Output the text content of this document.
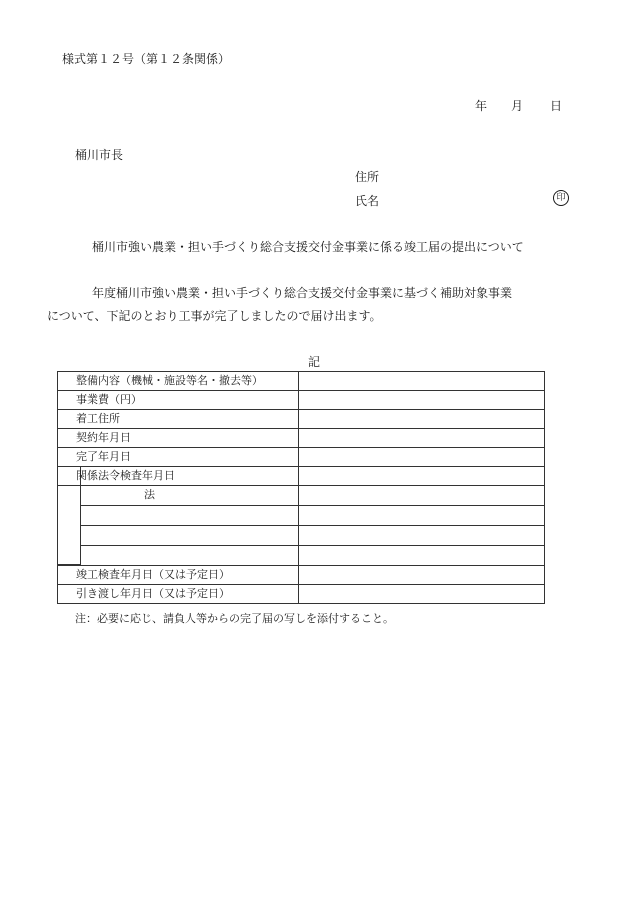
様式第１２号（第１２条関係）
年 月 日
桶川市長
住所
氏名	印
桶川市強い農業・担い手づくり総合支援交付金事業に係る竣工届の提出について
年度桶川市強い農業・担い手づくり総合支援交付金事業に基づく補助対象事業
について、下記のとおり工事が完了しましたので届け出ます。
記
整備内容（機械・施設等名・撤去等）
事業費（円）
着工住所
契約年月日
完了年月日
関係法令検査年月日
法
竣工検査年月日（又は予定日）
引き渡し年月日（又は予定日）
注：必要に応じ、請負人等からの完了届の写しを添付すること。
